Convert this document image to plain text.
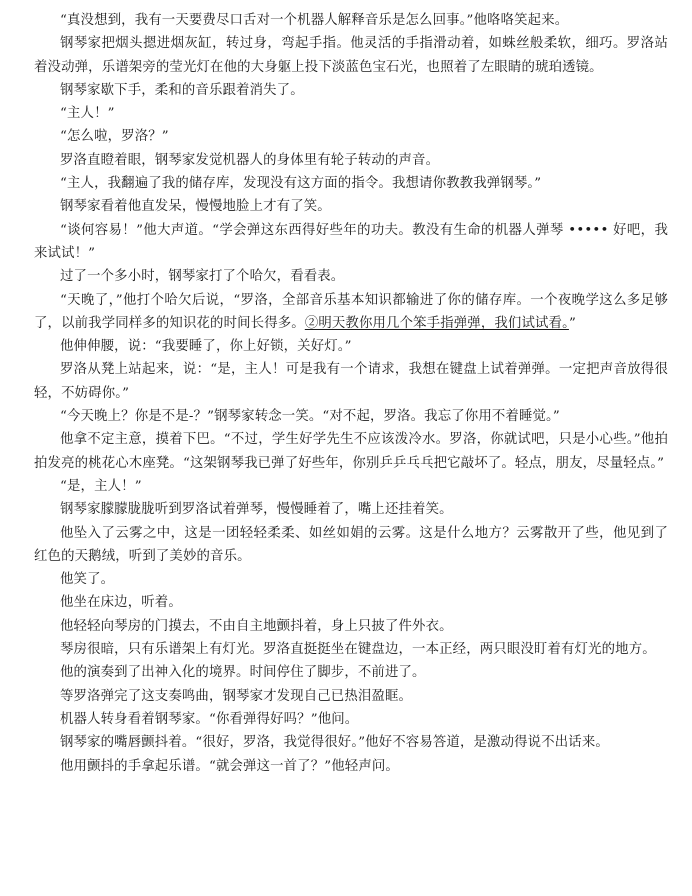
“真没想到，我有一天要费尽口舌对一个机器人解释音乐是怎么回事。”他咯咯笑起来。

钢琴家把烟头摁进烟灰缸，转过身，弯起手指。他灵活的手指滑动着，如蛛丝般柔软，细巧。罗洛站着没动弹，乐谱架旁的莹光灯在他的大身躯上投下淡蓝色宝石光，也照着了左眼睛的琥珀透镜。

钢琴家歇下手，柔和的音乐跟着消失了。

“主人！”

“怎么啦，罗洛？”

罗洛直瞪着眼，钢琴家发觉机器人的身体里有轮子转动的声音。

“主人，我翻遍了我的储存库，发现没有这方面的指令。我想请你教教我弹钢琴。”

钢琴家看着他直发呆，慢慢地脸上才有了笑。

“谈何容易！”他大声道。“学会弹这东西得好些年的功夫。教没有生命的机器人弹琴 ••••• 好吧，我来试试！”

过了一个多小时，钢琴家打了个哈欠，看看表。

“天晚了，”他打个哈欠后说，“罗洛，全部音乐基本知识都输进了你的储存库。一个夜晚学这么多足够了，以前我学同样多的知识花的时间长得多。②明天教你用几个笨手指弹弹，我们试试看。”

他伸伸腰，说：“我要睡了，你上好锁，关好灯。”

罗洛从凳上站起来，说：“是，主人！可是我有一个请求，我想在键盘上试着弹弹。一定把声音放得很轻，不妨碍你。”

“今天晚上？你是不是-？”钢琴家转念一笑。“对不起，罗洛。我忘了你用不着睡觉。”

他拿不定主意，摸着下巴。“不过，学生好学先生不应该泼冷水。罗洛，你就试吧，只是小心些。”他拍拍发亮的桃花心木座凳。“这架钢琴我已弹了好些年，你别乒乒乓乓把它敲坏了。轻点，朋友，尽量轻点。”

“是，主人！”

钢琴家朦朦胧胧听到罗洛试着弹琴，慢慢睡着了，嘴上还挂着笑。

他坠入了云雾之中，这是一团轻轻柔柔、如丝如娟的云雾。这是什么地方？云雾散开了些，他见到了红色的天鹅绒，听到了美妙的音乐。

他笑了。

他坐在床边，听着。

他轻轻向琴房的门摸去，不由自主地颤抖着，身上只披了件外衣。

琴房很暗，只有乐谱架上有灯光。罗洛直挺挺坐在键盘边，一本正经，两只眼没盯着有灯光的地方。

他的演奏到了出神入化的境界。时间停住了脚步，不前进了。

等罗洛弹完了这支奏鸣曲，钢琴家才发现自己已热泪盈眶。

机器人转身看着钢琴家。“你看弹得好吗？”他问。

钢琴家的嘴唇颤抖着。“很好，罗洛，我觉得很好。”他好不容易答道，是激动得说不出话来。

他用颤抖的手拿起乐谱。“就会弹这一首了？”他轻声问。
